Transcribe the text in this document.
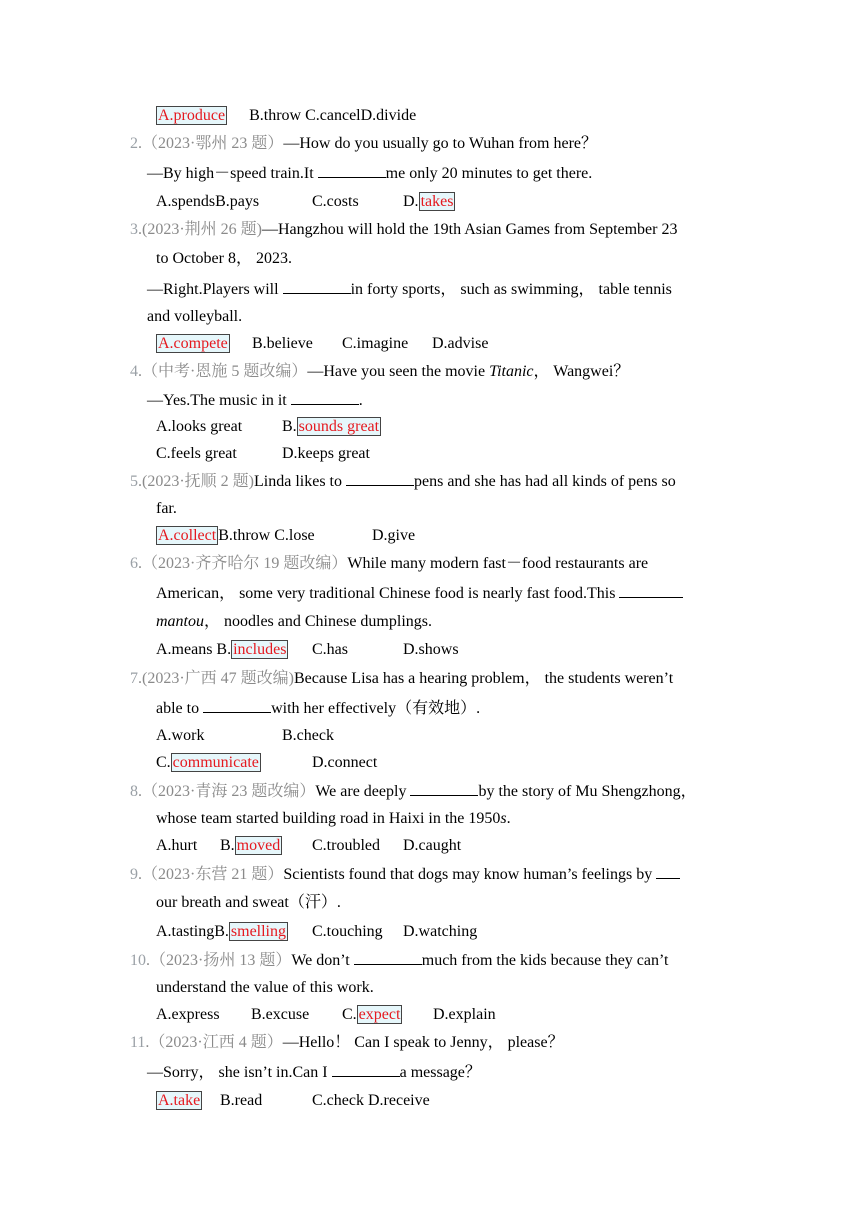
A.produce B.throw C.cancelD.divide
2.（2023·鄂州 23 题）—How do you usually go to Wuhan from here？
—By high－speed train.It	me only 20 minutes to get there.
A.spendsB.pays	C.costs	D. takes
3.(2023·荆州 26 题)—Hangzhou will hold the 19th Asian Games from September 23
to October 8， 2023.
—Right.Players will	in forty sports， such as swimming， table tennis
and volleyball.
A.compete B.believe C.imagine D.advise
4.（中考·恩施 5 题改编）—Have you seen the movie Titanic， Wangwei？
—Yes.The music in it	.
A.looks great B. sounds great
C.feels great	D.keeps great
5.(2023·抚顺 2 题)Linda likes to	pens and she has had all kinds of pens so
far.
A.collect B.throw C.lose	D.give
6.（2023·齐齐哈尔 19 题改编）While many modern fast－food restaurants are
American， some very traditional Chinese food is nearly fast food.This
mantou， noodles and Chinese dumplings.
A.means B. includes C.has	D.shows
7.(2023·广西 47 题改编)Because Lisa has a hearing problem， the students weren’t
able to	with her effectively（有效地）.
A.work	B.check
C. communicate	D.connect
8.（2023·青海 23 题改编）We are deeply	by the story of Mu Shengzhong，
whose team started building road in Haixi in the 1950s.
A.hurt B. moved C.troubled D.caught
9.（2023·东营 21 题）Scientists found that dogs may know human’s feelings by
our breath and sweat（汗）.
A.tastingB. smelling C.touching D.watching
10.（2023·扬州 13 题）We don’t	much from the kids because they can’t
understand the value of this work.
A.express B.excuse C. expect D.explain
11.（2023·江西 4 题）—Hello！ Can I speak to Jenny， please？
—Sorry， she isn’t in.Can I	a message？
A.take B.read	C.check D.receive
